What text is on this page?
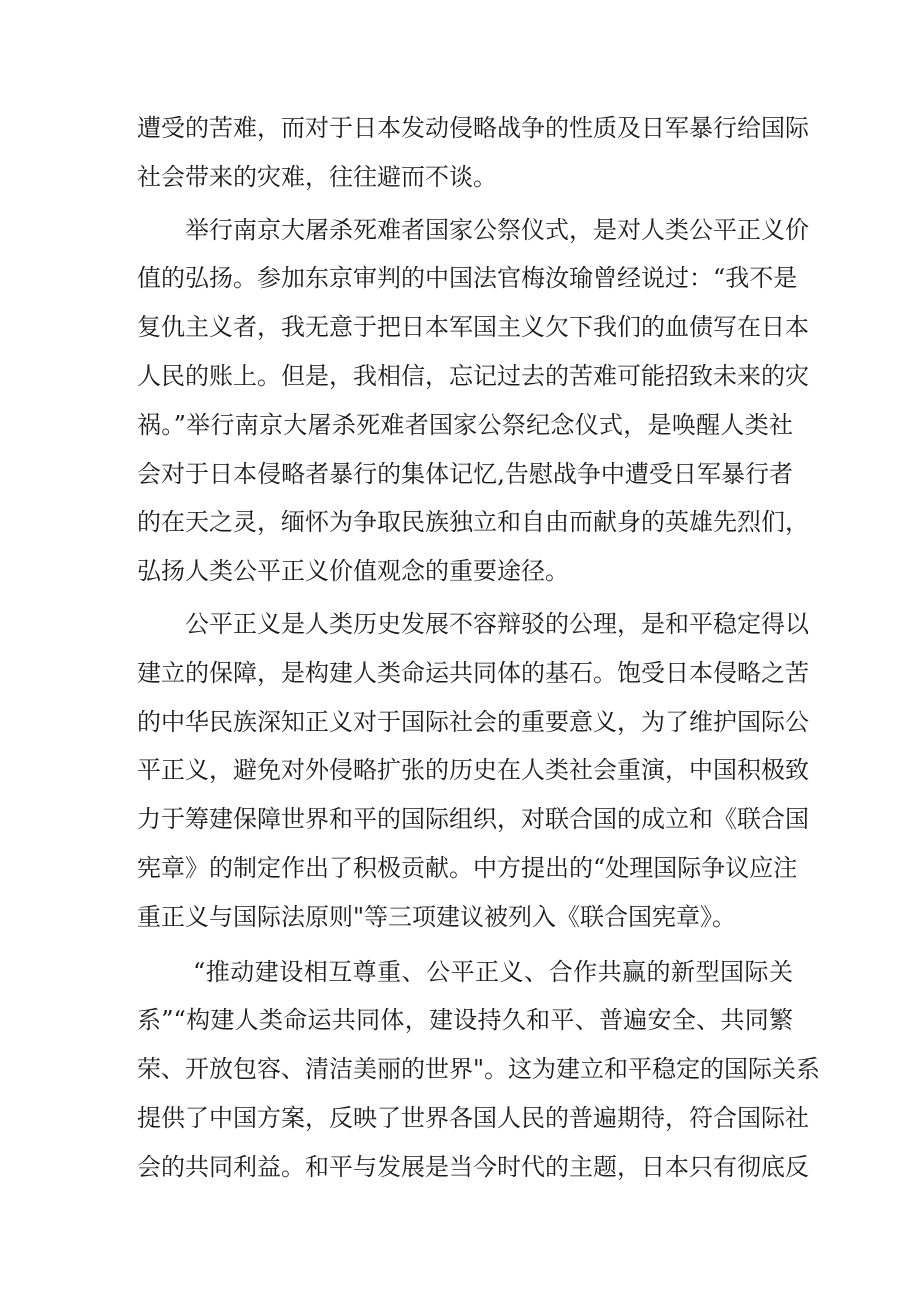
遭受的苦难，而对于日本发动侵略战争的性质及日军暴行给国际
社会带来的灾难，往往避而不谈。
举行南京大屠杀死难者国家公祭仪式，是对人类公平正义价
值的弘扬。参加东京审判的中国法官梅汝瑜曾经说过：“我不是
复仇主义者，我无意于把日本军国主义欠下我们的血债写在日本
人民的账上。但是，我相信，忘记过去的苦难可能招致未来的灾
祸。”举行南京大屠杀死难者国家公祭纪念仪式，是唤醒人类社
会对于日本侵略者暴行的集体记忆,告慰战争中遭受日军暴行者
的在天之灵，缅怀为争取民族独立和自由而献身的英雄先烈们，
弘扬人类公平正义价值观念的重要途径。
公平正义是人类历史发展不容辩驳的公理，是和平稳定得以
建立的保障，是构建人类命运共同体的基石。饱受日本侵略之苦
的中华民族深知正义对于国际社会的重要意义，为了维护国际公
平正义，避免对外侵略扩张的历史在人类社会重演，中国积极致
力于筹建保障世界和平的国际组织，对联合国的成立和《联合国
宪章》的制定作出了积极贡献。中方提出的“处理国际争议应注
重正义与国际法原则"等三项建议被列入《联合国宪章》。
“推动建设相互尊重、公平正义、合作共赢的新型国际关
系”“构建人类命运共同体，建设持久和平、普遍安全、共同繁
荣、开放包容、清洁美丽的世界"。这为建立和平稳定的国际关系
提供了中国方案，反映了世界各国人民的普遍期待，符合国际社
会的共同利益。和平与发展是当今时代的主题，日本只有彻底反
